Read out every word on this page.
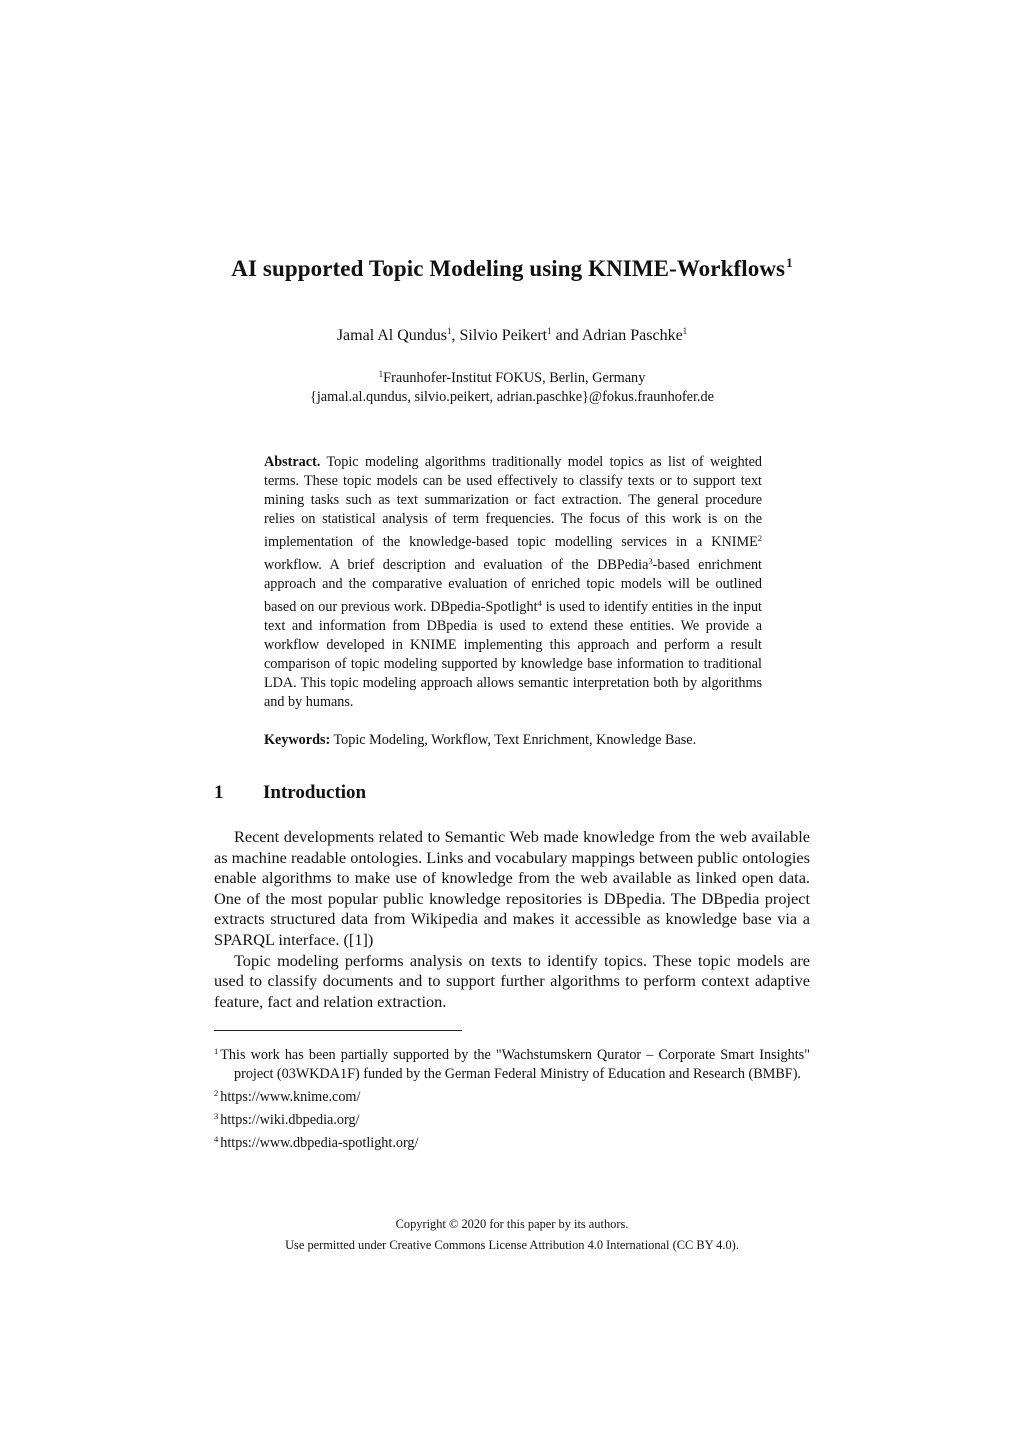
AI supported Topic Modeling using KNIME-Workflows$^1$
Jamal Al Qundus$^1$, Silvio Peikert$^1$ and Adrian Paschke$^1$
$^1$Fraunhofer-Institut FOKUS, Berlin, Germany
{jamal.al.qundus, silvio.peikert, adrian.paschke}@fokus.fraunhofer.de
Abstract. Topic modeling algorithms traditionally model topics as list of weighted terms. These topic models can be used effectively to classify texts or to support text mining tasks such as text summarization or fact extraction. The general procedure relies on statistical analysis of term frequencies. The focus of this work is on the implementation of the knowledge-based topic modelling services in a KNIME$^2$ workflow. A brief description and evaluation of the DBPedia$^3$-based enrichment approach and the comparative evaluation of enriched topic models will be outlined based on our previous work. DBpedia-Spotlight$^4$ is used to identify entities in the input text and information from DBpedia is used to extend these entities. We provide a workflow developed in KNIME implementing this approach and perform a result comparison of topic modeling supported by knowledge base information to traditional LDA. This topic modeling approach allows semantic interpretation both by algorithms and by humans.
Keywords: Topic Modeling, Workflow, Text Enrichment, Knowledge Base.
1 Introduction

Recent developments related to Semantic Web made knowledge from the web available as machine readable ontologies. Links and vocabulary mappings between public ontologies enable algorithms to make use of knowledge from the web available as linked open data. One of the most popular public knowledge repositories is DBpedia. The DBpedia project extracts structured data from Wikipedia and makes it accessible as knowledge base via a SPARQL interface. ([1])

Topic modeling performs analysis on texts to identify topics. These topic models are used to classify documents and to support further algorithms to perform context adaptive feature, fact and relation extraction.

$^1$ This work has been partially supported by the "Wachstumskern Qurator – Corporate Smart Insights" project (03WKDA1F) funded by the German Federal Ministry of Education and Research (BMBF).
$^2$ https://www.knime.com/
$^3$ https://wiki.dbpedia.org/
$^4$ https://www.dbpedia-spotlight.org/
Copyright © 2020 for this paper by its authors.
Use permitted under Creative Commons License Attribution 4.0 International (CC BY 4.0).
